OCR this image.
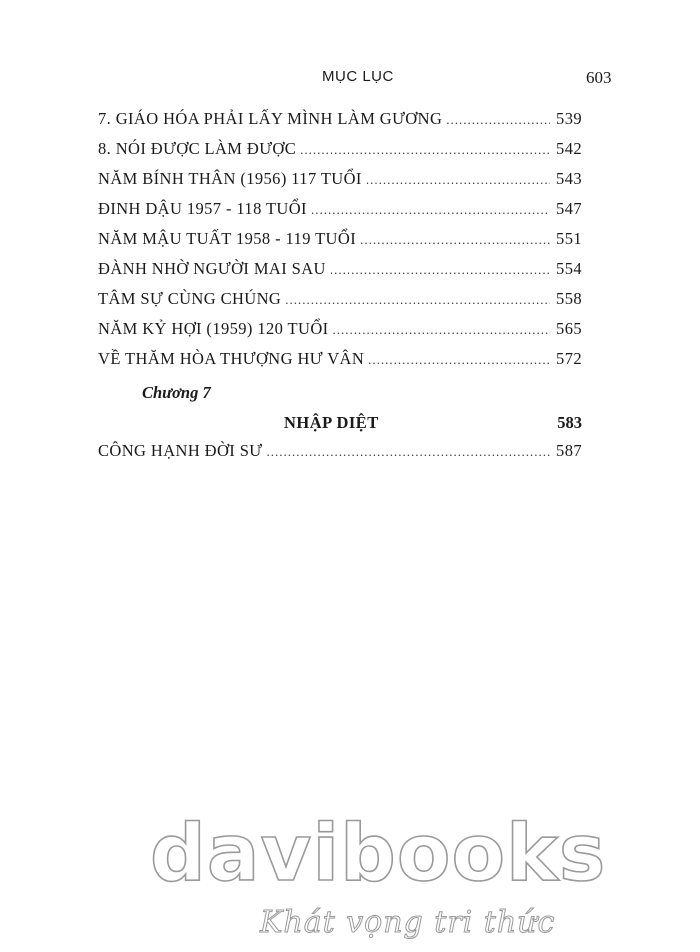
MỤC LỤC	603
7. GIÁO HÓA PHẢI LẤY MÌNH LÀM GƯƠNG .....	539
8. NÓI ĐƯỢC LÀM ĐƯỢC .....	542
NĂM BÍNH THÂN (1956) 117 TUỔI .....	543
ĐINH DẬU 1957 - 118 TUỔI .....	547
NĂM MẬU TUẤT 1958 - 119 TUỔI .....	551
ĐÀNH NHỜ NGƯỜI MAI SAU .....	554
TÂM SỰ CÙNG CHÚNG .....	558
NĂM KỶ HỢI (1959) 120 TUỔI .....	565
VỀ THĂM HÒA THƯỢNG HƯ VÂN .....	572
Chương 7
NHẬP DIỆT	583
CÔNG HẠNH ĐỜI SƯ .....	587
davibooks
Khát vọng tri thức
